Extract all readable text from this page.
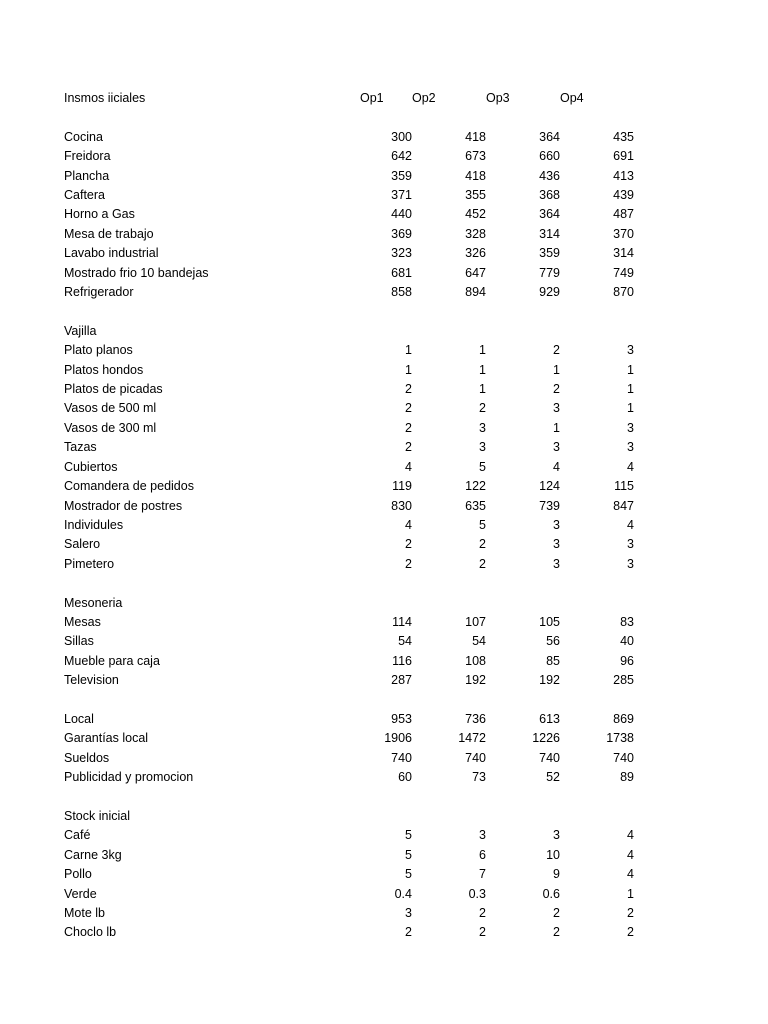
Insmos iiciales	Op1	Op2	Op3	Op4

Cocina	300	418	364	435
Freidora	642	673	660	691
Plancha	359	418	436	413
Caftera	371	355	368	439
Horno a Gas	440	452	364	487
Mesa de trabajo	369	328	314	370
Lavabo industrial	323	326	359	314
Mostrado frio 10 bandejas	681	647	779	749
Refrigerador	858	894	929	870

Vajilla				
Plato planos	1	1	2	3
Platos hondos	1	1	1	1
Platos de picadas	2	1	2	1
Vasos de 500 ml	2	2	3	1
Vasos de 300 ml	2	3	1	3
Tazas	2	3	3	3
Cubiertos	4	5	4	4
Comandera de pedidos	119	122	124	115
Mostrador de postres	830	635	739	847
Individules	4	5	3	4
Salero	2	2	3	3
Pimetero	2	2	3	3

Mesoneria				
Mesas	114	107	105	83
Sillas	54	54	56	40
Mueble para caja	116	108	85	96
Television	287	192	192	285

Local	953	736	613	869
Garantías local	1906	1472	1226	1738
Sueldos	740	740	740	740
Publicidad y promocion	60	73	52	89

Stock inicial				
Café	5	3	3	4
Carne 3kg	5	6	10	4
Pollo	5	7	9	4
Verde	0.4	0.3	0.6	1
Mote lb	3	2	2	2
Choclo lb	2	2	2	2
